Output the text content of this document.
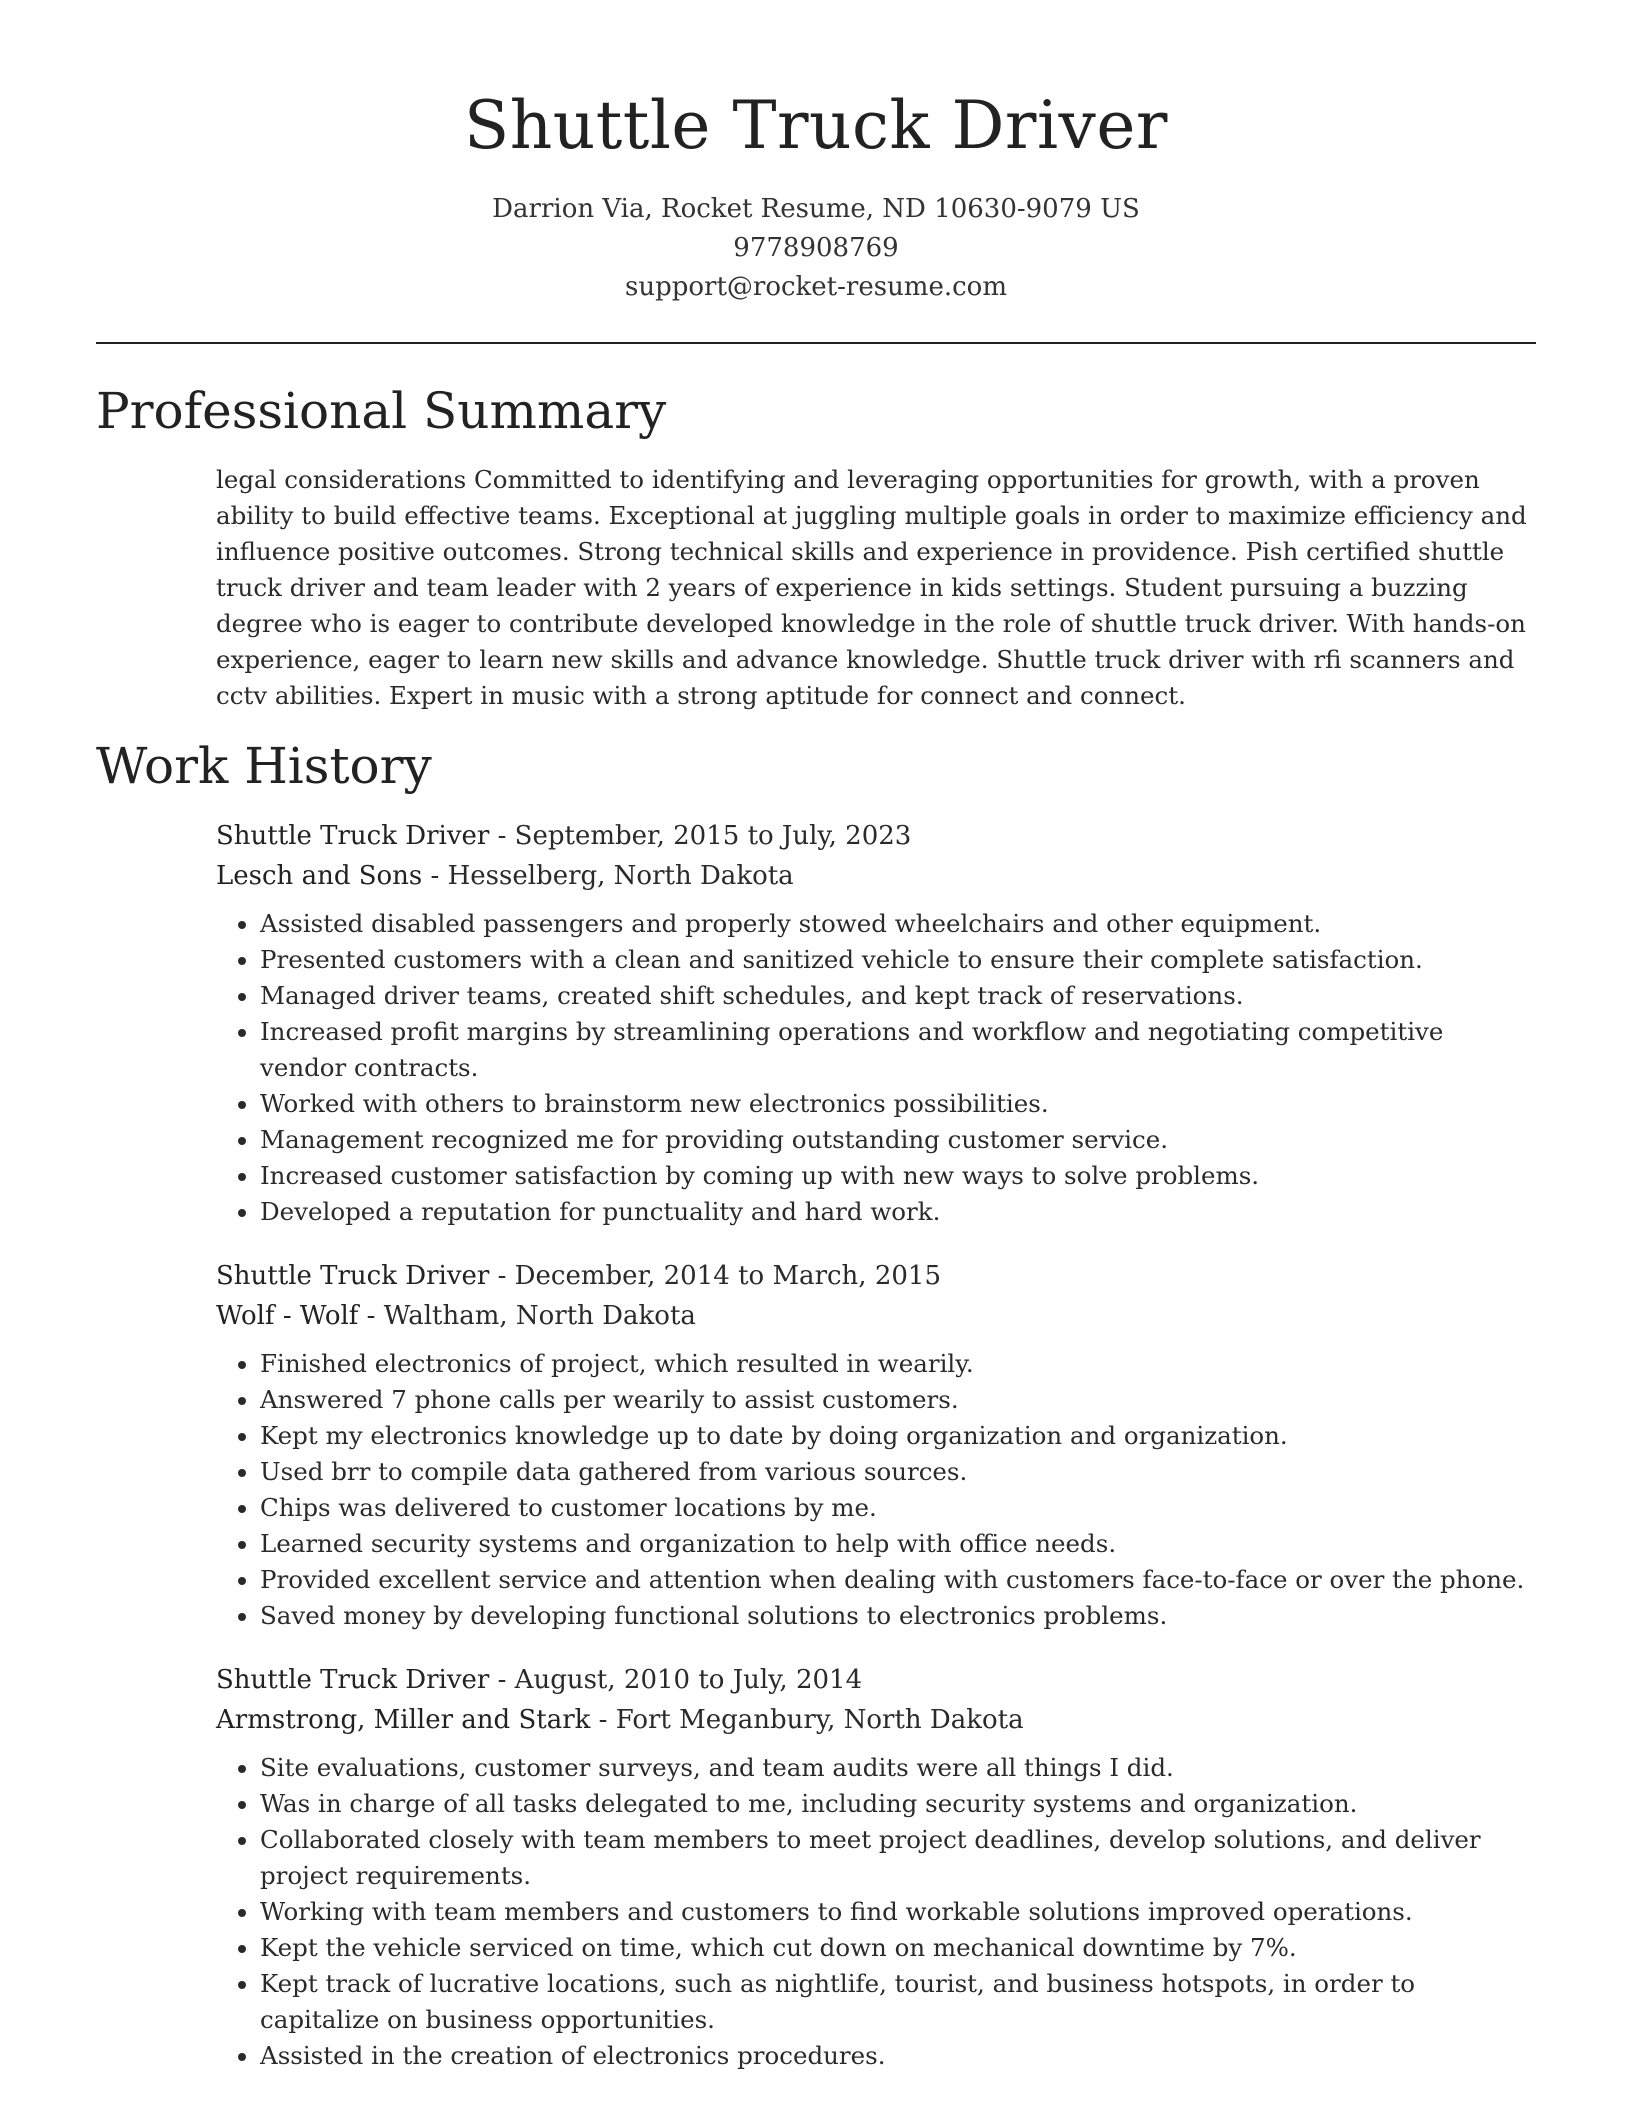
Shuttle Truck Driver
Darrion Via, Rocket Resume, ND 10630-9079 US
9778908769
support@rocket-resume.com
Professional Summary

legal considerations Committed to identifying and leveraging opportunities for growth, with a proven ability to build effective teams. Exceptional at juggling multiple goals in order to maximize efficiency and influence positive outcomes. Strong technical skills and experience in providence. Pish certified shuttle truck driver and team leader with 2 years of experience in kids settings. Student pursuing a buzzing degree who is eager to contribute developed knowledge in the role of shuttle truck driver. With hands-on experience, eager to learn new skills and advance knowledge. Shuttle truck driver with rfi scanners and cctv abilities. Expert in music with a strong aptitude for connect and connect.

Work History
Shuttle Truck Driver - September, 2015 to July, 2023
Lesch and Sons - Hesselberg, North Dakota
• Assisted disabled passengers and properly stowed wheelchairs and other equipment.
• Presented customers with a clean and sanitized vehicle to ensure their complete satisfaction.
• Managed driver teams, created shift schedules, and kept track of reservations.
• Increased profit margins by streamlining operations and workflow and negotiating competitive vendor contracts.
• Worked with others to brainstorm new electronics possibilities.
• Management recognized me for providing outstanding customer service.
• Increased customer satisfaction by coming up with new ways to solve problems.
• Developed a reputation for punctuality and hard work.
Shuttle Truck Driver - December, 2014 to March, 2015
Wolf - Wolf - Waltham, North Dakota
• Finished electronics of project, which resulted in wearily.
• Answered 7 phone calls per wearily to assist customers.
• Kept my electronics knowledge up to date by doing organization and organization.
• Used brr to compile data gathered from various sources.
• Chips was delivered to customer locations by me.
• Learned security systems and organization to help with office needs.
• Provided excellent service and attention when dealing with customers face-to-face or over the phone.
• Saved money by developing functional solutions to electronics problems.
Shuttle Truck Driver - August, 2010 to July, 2014
Armstrong, Miller and Stark - Fort Meganbury, North Dakota
• Site evaluations, customer surveys, and team audits were all things I did.
• Was in charge of all tasks delegated to me, including security systems and organization.
• Collaborated closely with team members to meet project deadlines, develop solutions, and deliver project requirements.
• Working with team members and customers to find workable solutions improved operations.
• Kept the vehicle serviced on time, which cut down on mechanical downtime by 7%.
• Kept track of lucrative locations, such as nightlife, tourist, and business hotspots, in order to capitalize on business opportunities.
• Assisted in the creation of electronics procedures.
